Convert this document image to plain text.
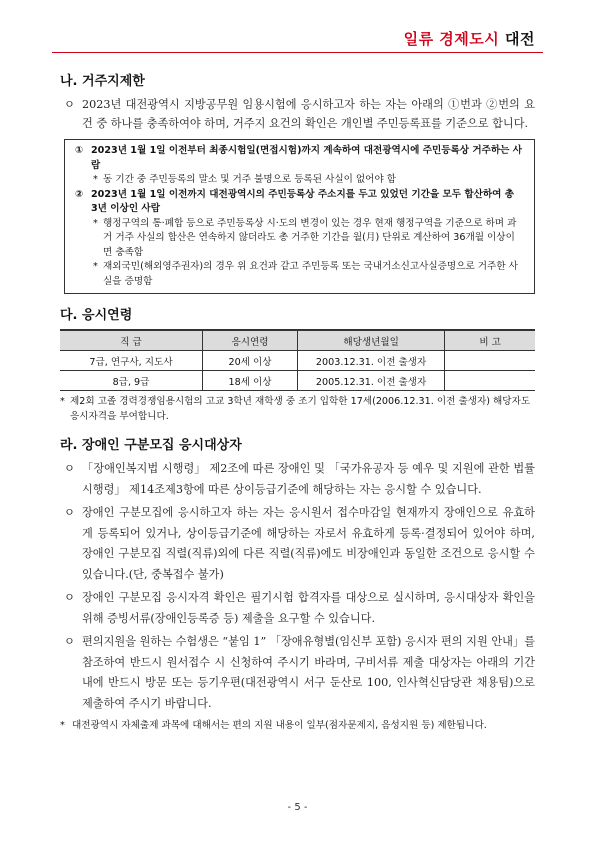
일류 경제도시 대전
나. 거주지제한
ㅇ 2023년 대전광역시 지방공무원 임용시험에 응시하고자 하는 자는 아래의 ①번과 ②번의 요건 중 하나를 충족하여야 하며, 거주지 요건의 확인은 개인별 주민등록표를 기준으로 합니다.
① 2023년 1월 1일 이전부터 최종시험일(면접시험)까지 계속하여 대전광역시에 주민등록상 거주하는 사람
* 동 기간 중 주민등록의 말소 및 거주 불명으로 등록된 사실이 없어야 함
② 2023년 1월 1일 이전까지 대전광역시의 주민등록상 주소지를 두고 있었던 기간을 모두 합산하여 총 3년 이상인 사람
* 행정구역의 통·폐합 등으로 주민등록상 시·도의 변경이 있는 경우 현재 행정구역을 기준으로 하며 과거 거주 사실의 합산은 연속하지 않더라도 총 거주한 기간을 월(月) 단위로 계산하여 36개월 이상이면 충족함
* 재외국민(해외영주권자)의 경우 위 요건과 같고 주민등록 또는 국내거소신고사실증명으로 거주한 사실을 증명함
다. 응시연령
직 급	응시연령	해당생년월일	비 고
7급, 연구사, 지도사	20세 이상	2003.12.31. 이전 출생자	
8급, 9급	18세 이상	2005.12.31. 이전 출생자	
* 제2회 고졸 경력경쟁임용시험의 고교 3학년 재학생 중 조기 입학한 17세(2006.12.31. 이전 출생자) 해당자도 응시자격을 부여합니다.
라. 장애인 구분모집 응시대상자
ㅇ 「장애인복지법 시행령」 제2조에 따른 장애인 및 「국가유공자 등 예우 및 지원에 관한 법률 시행령」 제14조제3항에 따른 상이등급기준에 해당하는 자는 응시할 수 있습니다.
ㅇ 장애인 구분모집에 응시하고자 하는 자는 응시원서 접수마감일 현재까지 장애인으로 유효하게 등록되어 있거나, 상이등급기준에 해당하는 자로서 유효하게 등록·결정되어 있어야 하며, 장애인 구분모집 직렬(직류)외에 다른 직렬(직류)에도 비장애인과 동일한 조건으로 응시할 수 있습니다.(단, 중복접수 불가)
ㅇ 장애인 구분모집 응시자격 확인은 필기시험 합격자를 대상으로 실시하며, 응시대상자 확인을 위해 증빙서류(장애인등록증 등) 제출을 요구할 수 있습니다.
ㅇ 편의지원을 원하는 수험생은 “붙임 1” 「장애유형별(임신부 포함) 응시자 편의 지원 안내」를 참조하여 반드시 원서접수 시 신청하여 주시기 바라며, 구비서류 제출 대상자는 아래의 기간 내에 반드시 방문 또는 등기우편(대전광역시 서구 둔산로 100, 인사혁신담당관 채용팀)으로 제출하여 주시기 바랍니다.
* 대전광역시 자체출제 과목에 대해서는 편의 지원 내용이 일부(점자문제지, 음성지원 등) 제한됩니다.
- 5 -
